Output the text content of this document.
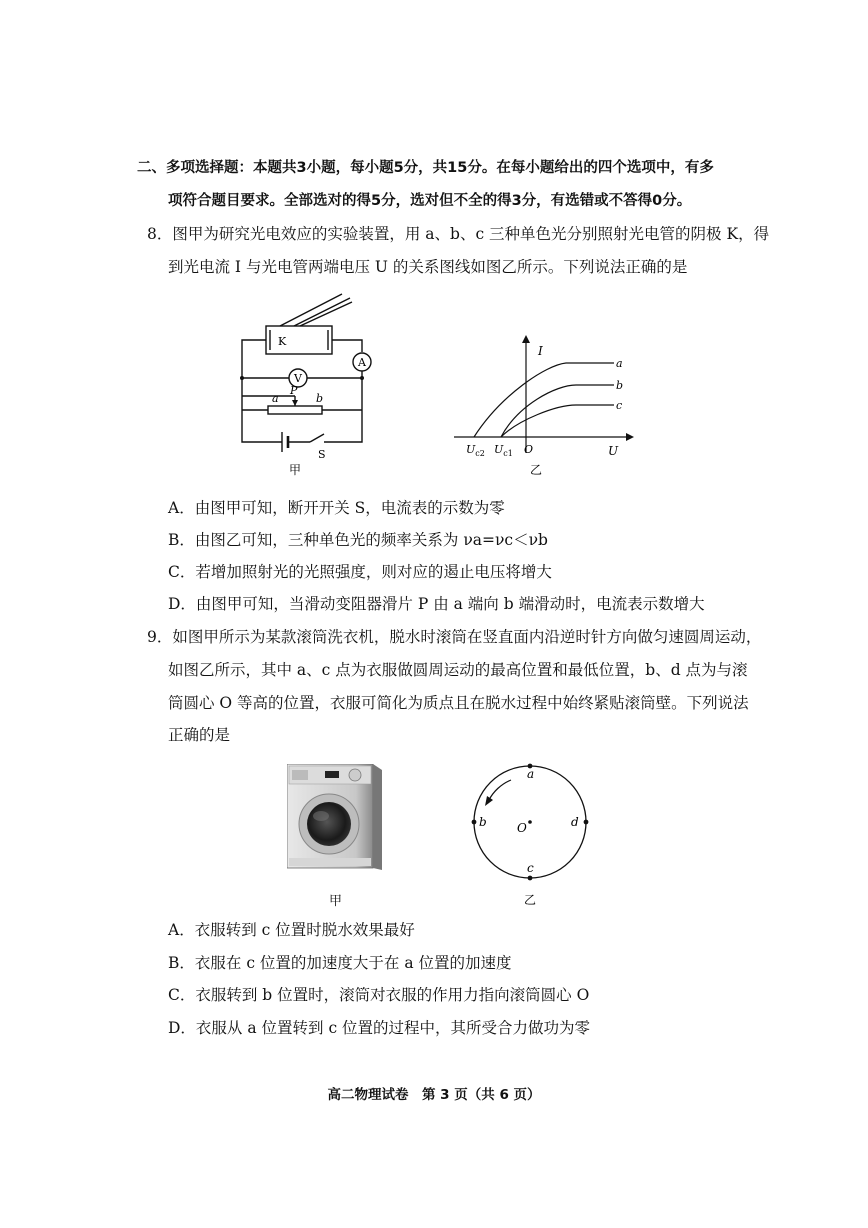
二、多项选择题：本题共3小题，每小题5分，共15分。在每小题给出的四个选项中，有多
项符合题目要求。全部选对的得5分，选对但不全的得3分，有选错或不答得0分。
8．图甲为研究光电效应的实验装置，用 a、b、c 三种单色光分别照射光电管的阴极 K，得
到光电流 I 与光电管两端电压 U 的关系图线如图乙所示。下列说法正确的是
K
A
V
P
a	b
S
甲
I
U
O
$U_{c2}$ $U_{c1}$
a
b
c
乙
A．由图甲可知，断开开关 S，电流表的示数为零
B．由图乙可知，三种单色光的频率关系为 νa=νc＜νb
C．若增加照射光的光照强度，则对应的遏止电压将增大
D．由图甲可知，当滑动变阻器滑片 P 由 a 端向 b 端滑动时，电流表示数增大
9．如图甲所示为某款滚筒洗衣机，脱水时滚筒在竖直面内沿逆时针方向做匀速圆周运动，
如图乙所示，其中 a、c 点为衣服做圆周运动的最高位置和最低位置，b、d 点为与滚
筒圆心 O 等高的位置，衣服可简化为质点且在脱水过程中始终紧贴滚筒壁。下列说法
正确的是
甲
a
b
c
d
O
乙
A．衣服转到 c 位置时脱水效果最好
B．衣服在 c 位置的加速度大于在 a 位置的加速度
C．衣服转到 b 位置时，滚筒对衣服的作用力指向滚筒圆心 O
D．衣服从 a 位置转到 c 位置的过程中，其所受合力做功为零
高二物理试卷　第 3 页（共 6 页）
